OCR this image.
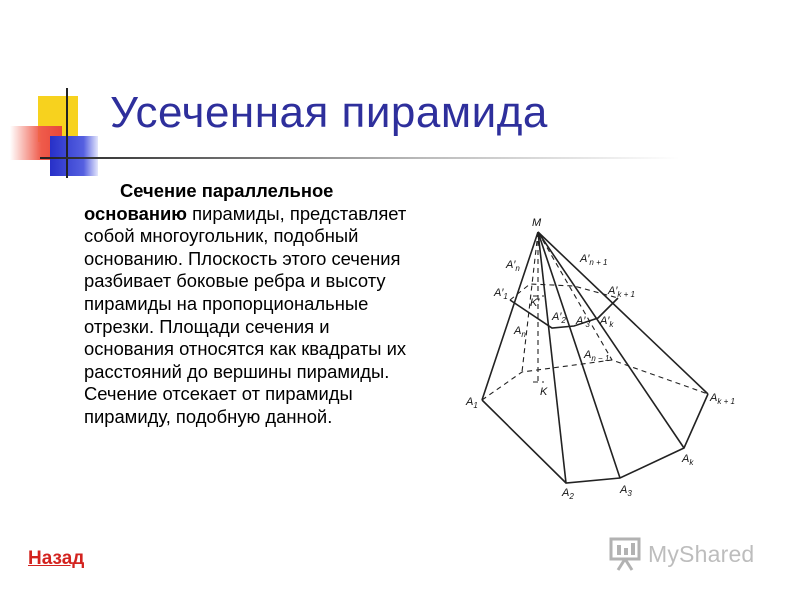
Усеченная пирамида

Сечение параллельное основанию пирамиды, представляет собой многоугольник, подобный основанию. Плоскость этого сечения разбивает боковые ребра и высоту пирамиды на пропорциональные отрезки. Площади сечения и основания относятся как квадраты их расстояний до вершины пирамиды. Сечение отсекает от пирамиды пирамиду, подобную данной.

M
$A'_n$
$A'_{n + 1}$
$A'_1$
K′
$A'_{k + 1}$
$A'_2$ $A'_3$ $A'_k$
$A_n$
$A_{n - 1}$
K
$A_1$
$A_{k + 1}$
$A_k$
$A_2$
$A_3$
Назад	MyShared
